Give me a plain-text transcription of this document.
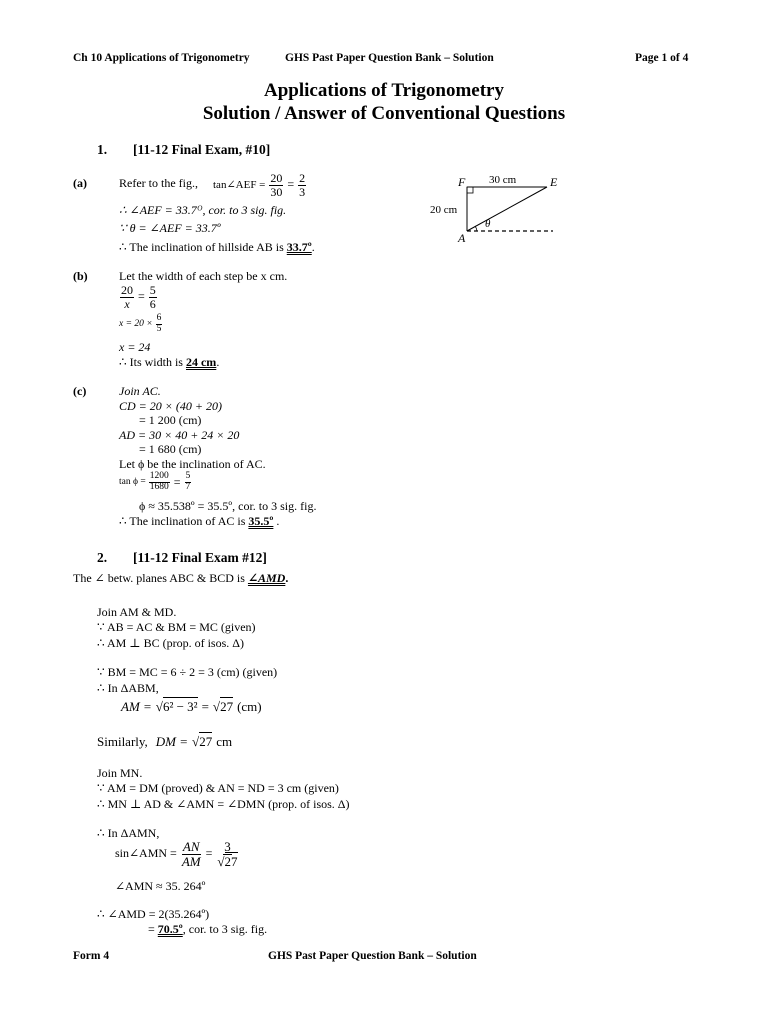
Ch 10 Applications of Trigonometry	GHS Past Paper Question Bank – Solution	Page 1 of 4
Applications of Trigonometry
Solution / Answer of Conventional Questions
1. [11-12 Final Exam, #10]
(a)	Refer to the fig., tan∠AEF = $\frac{20}{30} = \frac{2}{3}$
∴ ∠AEF = 33.7ᴼ, cor. to 3 sig. fig.
∵ θ = ∠AEF = 33.7º
∴ The inclination of hillside AB is 33.7º.
F	E
A
30 cm
20 cm
θ
(b)	Let the width of each step be x cm.
$\frac{20}{x} = \frac{5}{6}$
$x = 20 \times \frac{6}{5}$
x = 24
∴ Its width is 24 cm.
(c)	Join AC.
CD = 20 × (40 + 20)
= 1 200 (cm)
AD = 30 × 40 + 24 × 20
= 1 680 (cm)
Let ϕ be the inclination of AC.
$\tan \phi = \frac{1200}{1680} = \frac{5}{7}$
ϕ ≈ 35.538º = 35.5º, cor. to 3 sig. fig.
∴ The inclination of AC is 35.5º .
2. [11-12 Final Exam #12]
The ∠ betw. planes ABC & BCD is ∠AMD.
Join AM & MD.
∵ AB = AC & BM = MC (given)
∴ AM ⊥ BC (prop. of isos. Δ)
∵ BM = MC = 6 ÷ 2 = 3 (cm) (given)
∴ In ΔABM,
AM = √6² − 3² = √27 (cm)
Similarly, DM = √27 cm
Join MN.
∵ AM = DM (proved) & AN = ND = 3 cm (given)
∴ MN ⊥ AD & ∠AMN = ∠DMN (prop. of isos. Δ)
∴ In ΔAMN,
sin∠AMN = $\frac{AN}{AM} = \frac{3}{√27}$
∠AMN ≈ 35. 264º
∴ ∠AMD = 2(35.264º)
= 70.5º, cor. to 3 sig. fig.
Form 4	GHS Past Paper Question Bank – Solution
